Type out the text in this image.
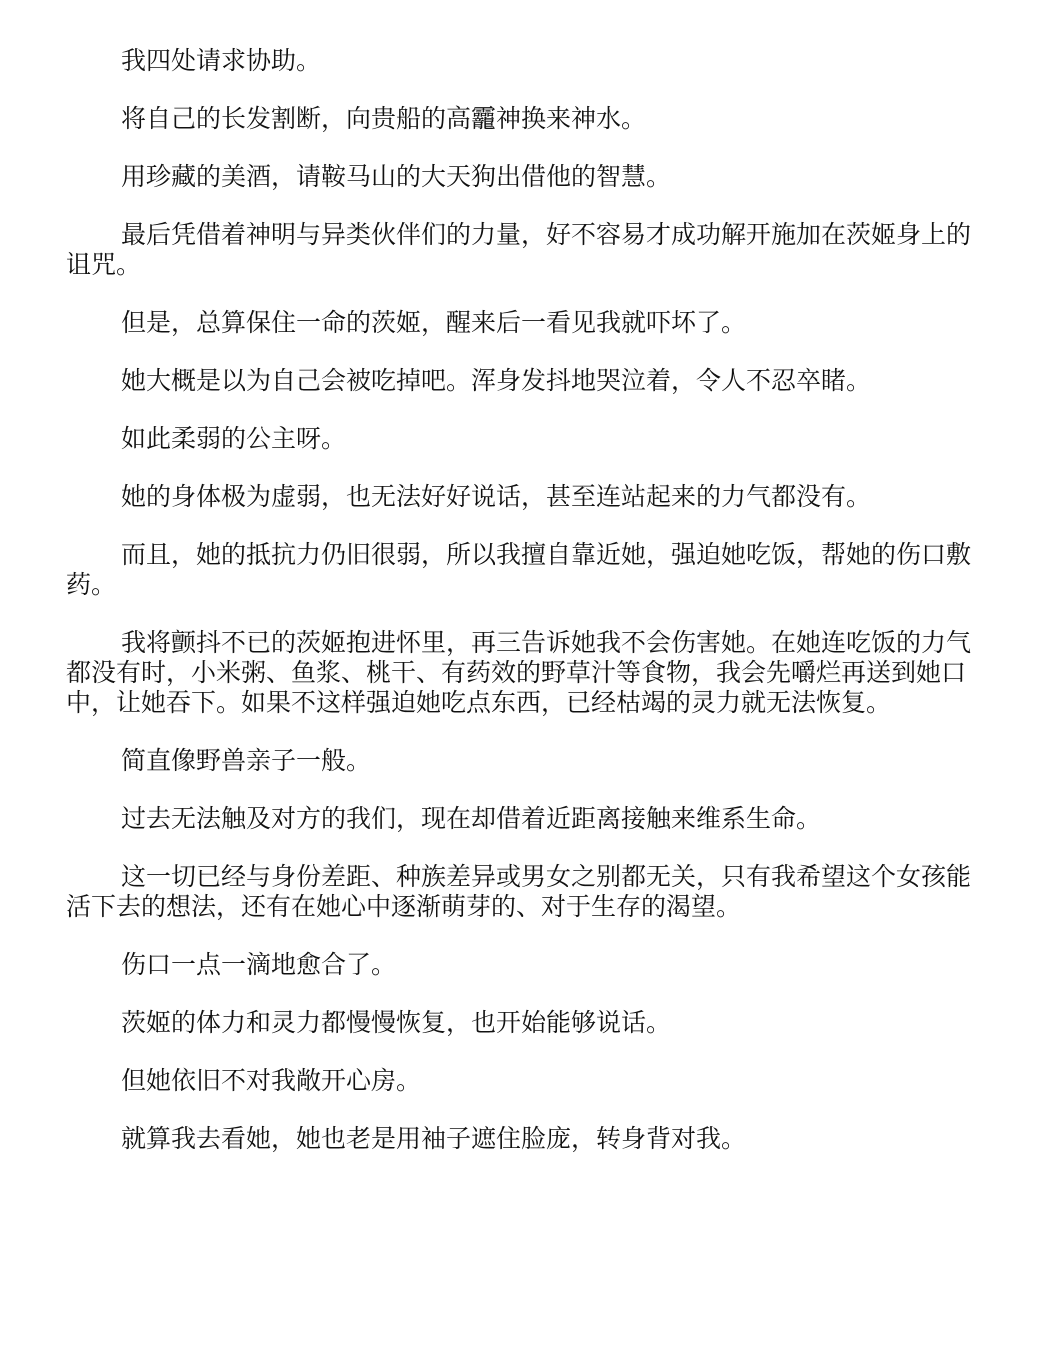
我四处请求协助。

将自己的长发割断，向贵船的高龗神换来神水。

用珍藏的美酒，请鞍马山的大天狗出借他的智慧。

最后凭借着神明与异类伙伴们的力量，好不容易才成功解开施加在茨姬身上的诅咒。

但是，总算保住一命的茨姬，醒来后一看见我就吓坏了。

她大概是以为自己会被吃掉吧。浑身发抖地哭泣着，令人不忍卒睹。

如此柔弱的公主呀。

她的身体极为虚弱，也无法好好说话，甚至连站起来的力气都没有。

而且，她的抵抗力仍旧很弱，所以我擅自靠近她，强迫她吃饭，帮她的伤口敷药。

我将颤抖不已的茨姬抱进怀里，再三告诉她我不会伤害她。在她连吃饭的力气都没有时，小米粥、鱼浆、桃干、有药效的野草汁等食物，我会先嚼烂再送到她口中，让她吞下。如果不这样强迫她吃点东西，已经枯竭的灵力就无法恢复。

简直像野兽亲子一般。

过去无法触及对方的我们，现在却借着近距离接触来维系生命。

这一切已经与身份差距、种族差异或男女之别都无关，只有我希望这个女孩能活下去的想法，还有在她心中逐渐萌芽的、对于生存的渴望。

伤口一点一滴地愈合了。

茨姬的体力和灵力都慢慢恢复，也开始能够说话。

但她依旧不对我敞开心房。

就算我去看她，她也老是用袖子遮住脸庞，转身背对我。
